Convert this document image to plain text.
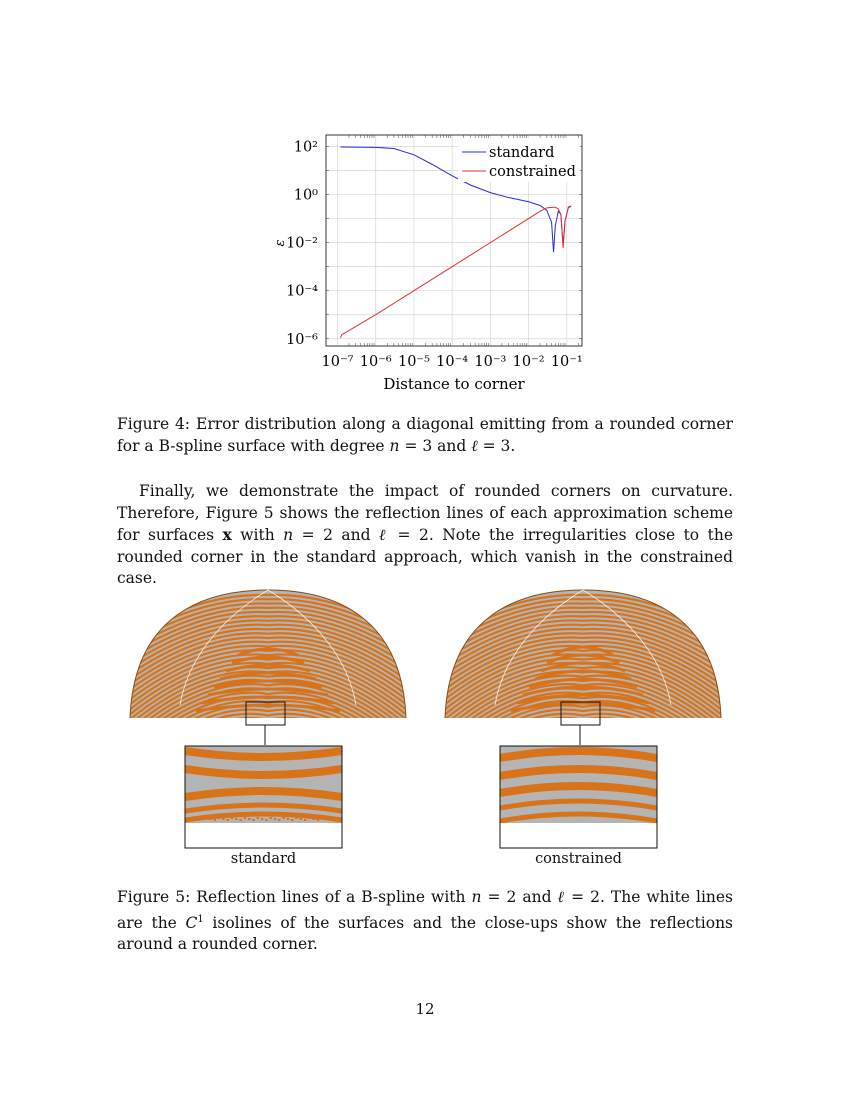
10⁻⁷ 10⁻⁶ 10⁻⁵ 10⁻⁴ 10⁻³ 10⁻² 10⁻¹
10²
10⁰
10⁻²
10⁻⁴
10⁻⁶
ε
Distance to corner
standard
constrained
Figure 4: Error distribution along a diagonal emitting from a rounded corner for a B-spline surface with degree n = 3 and ℓ = 3.

Finally, we demonstrate the impact of rounded corners on curvature. Therefore, Figure 5 shows the reflection lines of each approximation scheme for surfaces x with n = 2 and ℓ = 2. Note the irregularities close to the rounded corner in the standard approach, which vanish in the constrained case.

standard	constrained
Figure 5: Reflection lines of a B-spline with n = 2 and ℓ = 2. The white lines are the $C^1$ isolines of the surfaces and the close-ups show the reflections around a rounded corner.
12
